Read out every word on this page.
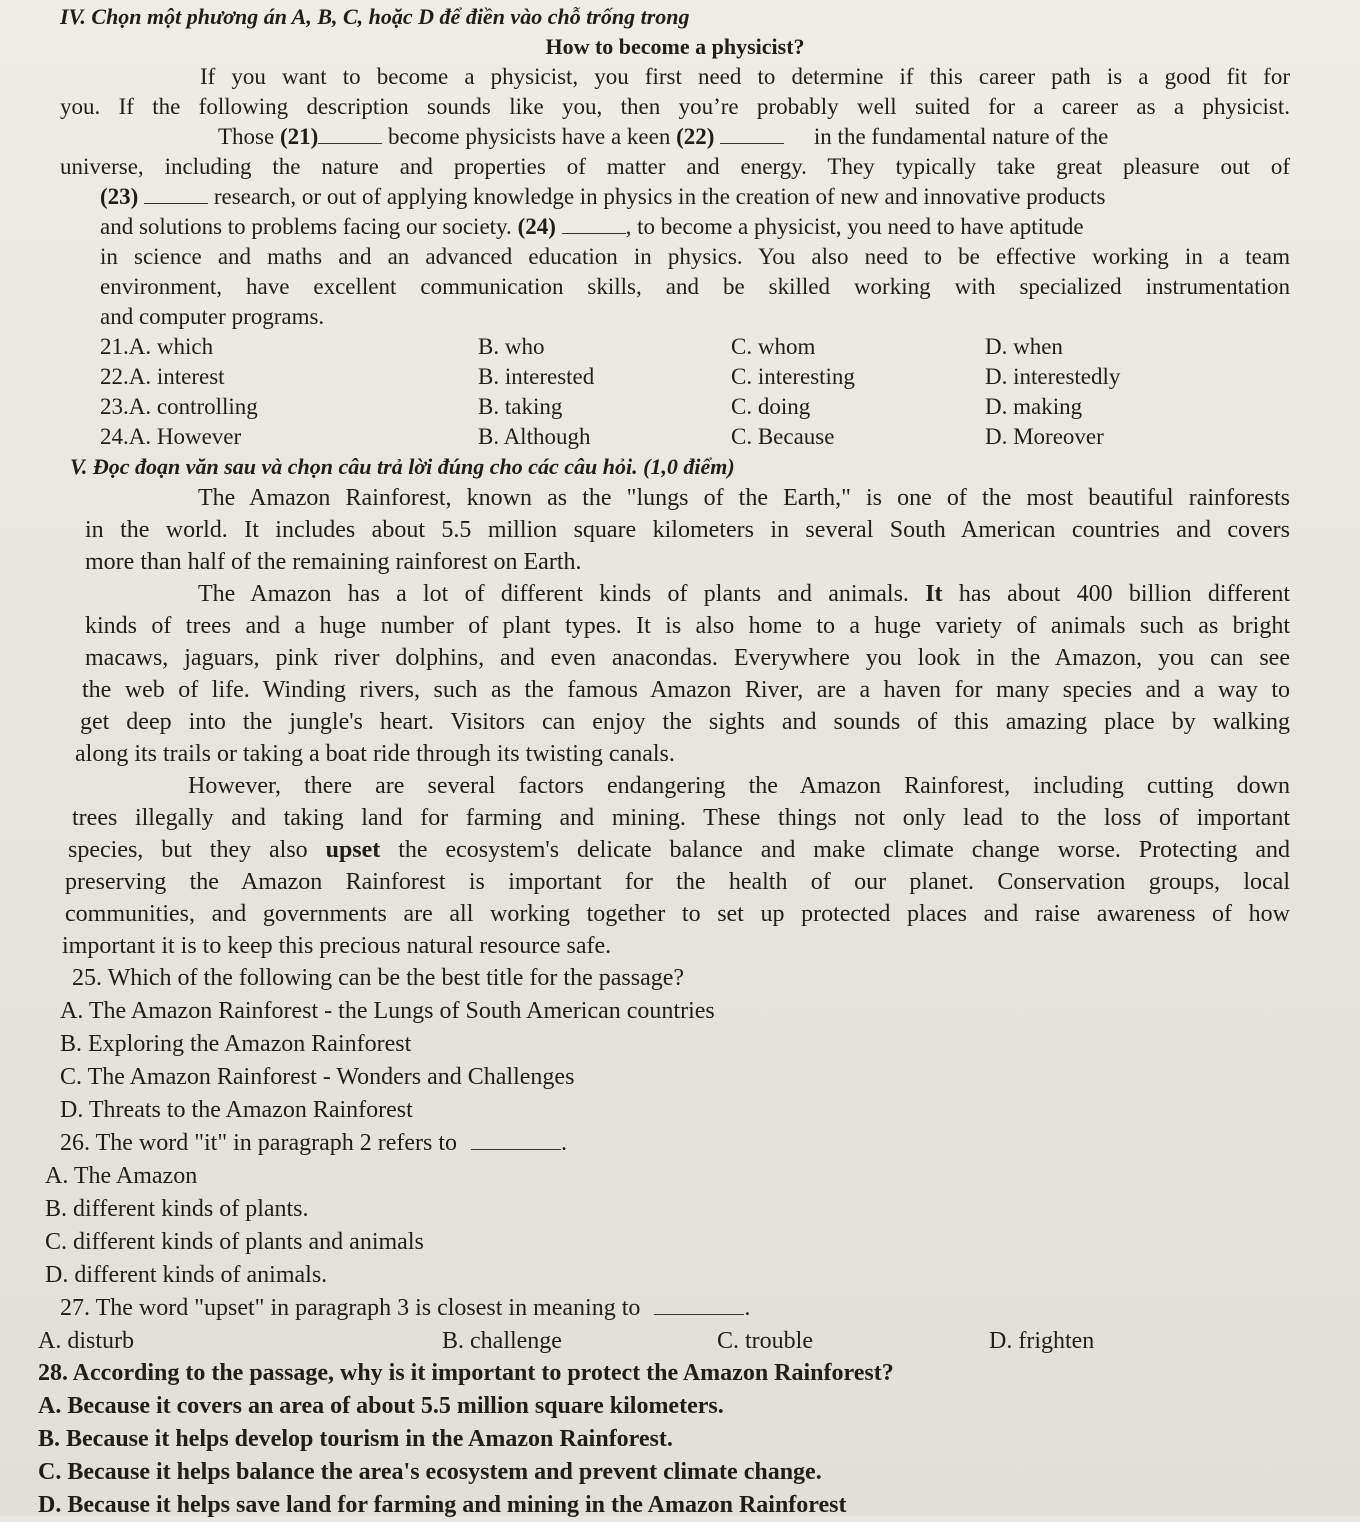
IV. Chọn một phương án A, B, C, hoặc D để điền vào chỗ trống trong
How to become a physicist?
If you want to become a physicist, you first need to determine if this career path is a good fit for
you. If the following description sounds like you, then you’re probably well suited for a career as a physicist.
Those (21)	become physicists have a keen (22)	in the fundamental nature of the
universe, including the nature and properties of matter and energy. They typically take great pleasure out of
(23)	research, or out of applying knowledge in physics in the creation of new and innovative products
and solutions to problems facing our society. (24)	, to become a physicist, you need to have aptitude
in science and maths and an advanced education in physics. You also need to be effective working in a team
environment, have excellent communication skills, and be skilled working with specialized instrumentation
and computer programs.
21.A. which	B. who	C. whom	D. when
22.A. interest	B. interested	C. interesting	D. interestedly
23.A. controlling	B. taking	C. doing	D. making
24.A. However	B. Although	C. Because	D. Moreover
V. Đọc đoạn văn sau và chọn câu trả lời đúng cho các câu hỏi. (1,0 điểm)
The Amazon Rainforest, known as the "lungs of the Earth," is one of the most beautiful rainforests
in the world. It includes about 5.5 million square kilometers in several South American countries and covers
more than half of the remaining rainforest on Earth.
The Amazon has a lot of different kinds of plants and animals. It has about 400 billion different
kinds of trees and a huge number of plant types. It is also home to a huge variety of animals such as bright
macaws, jaguars, pink river dolphins, and even anacondas. Everywhere you look in the Amazon, you can see
the web of life. Winding rivers, such as the famous Amazon River, are a haven for many species and a way to
get deep into the jungle's heart. Visitors can enjoy the sights and sounds of this amazing place by walking
along its trails or taking a boat ride through its twisting canals.
However, there are several factors endangering the Amazon Rainforest, including cutting down
trees illegally and taking land for farming and mining. These things not only lead to the loss of important
species, but they also upset the ecosystem's delicate balance and make climate change worse. Protecting and
preserving the Amazon Rainforest is important for the health of our planet. Conservation groups, local
communities, and governments are all working together to set up protected places and raise awareness of how
important it is to keep this precious natural resource safe.
25. Which of the following can be the best title for the passage?
A. The Amazon Rainforest - the Lungs of South American countries
B. Exploring the Amazon Rainforest
C. The Amazon Rainforest - Wonders and Challenges
D. Threats to the Amazon Rainforest
26. The word "it" in paragraph 2 refers to	.
A. The Amazon
B. different kinds of plants.
C. different kinds of plants and animals
D. different kinds of animals.
27. The word "upset" in paragraph 3 is closest in meaning to	.
A. disturb	B. challenge	C. trouble	D. frighten
28. According to the passage, why is it important to protect the Amazon Rainforest?
A. Because it covers an area of about 5.5 million square kilometers.
B. Because it helps develop tourism in the Amazon Rainforest.
C. Because it helps balance the area's ecosystem and prevent climate change.
D. Because it helps save land for farming and mining in the Amazon Rainforest
